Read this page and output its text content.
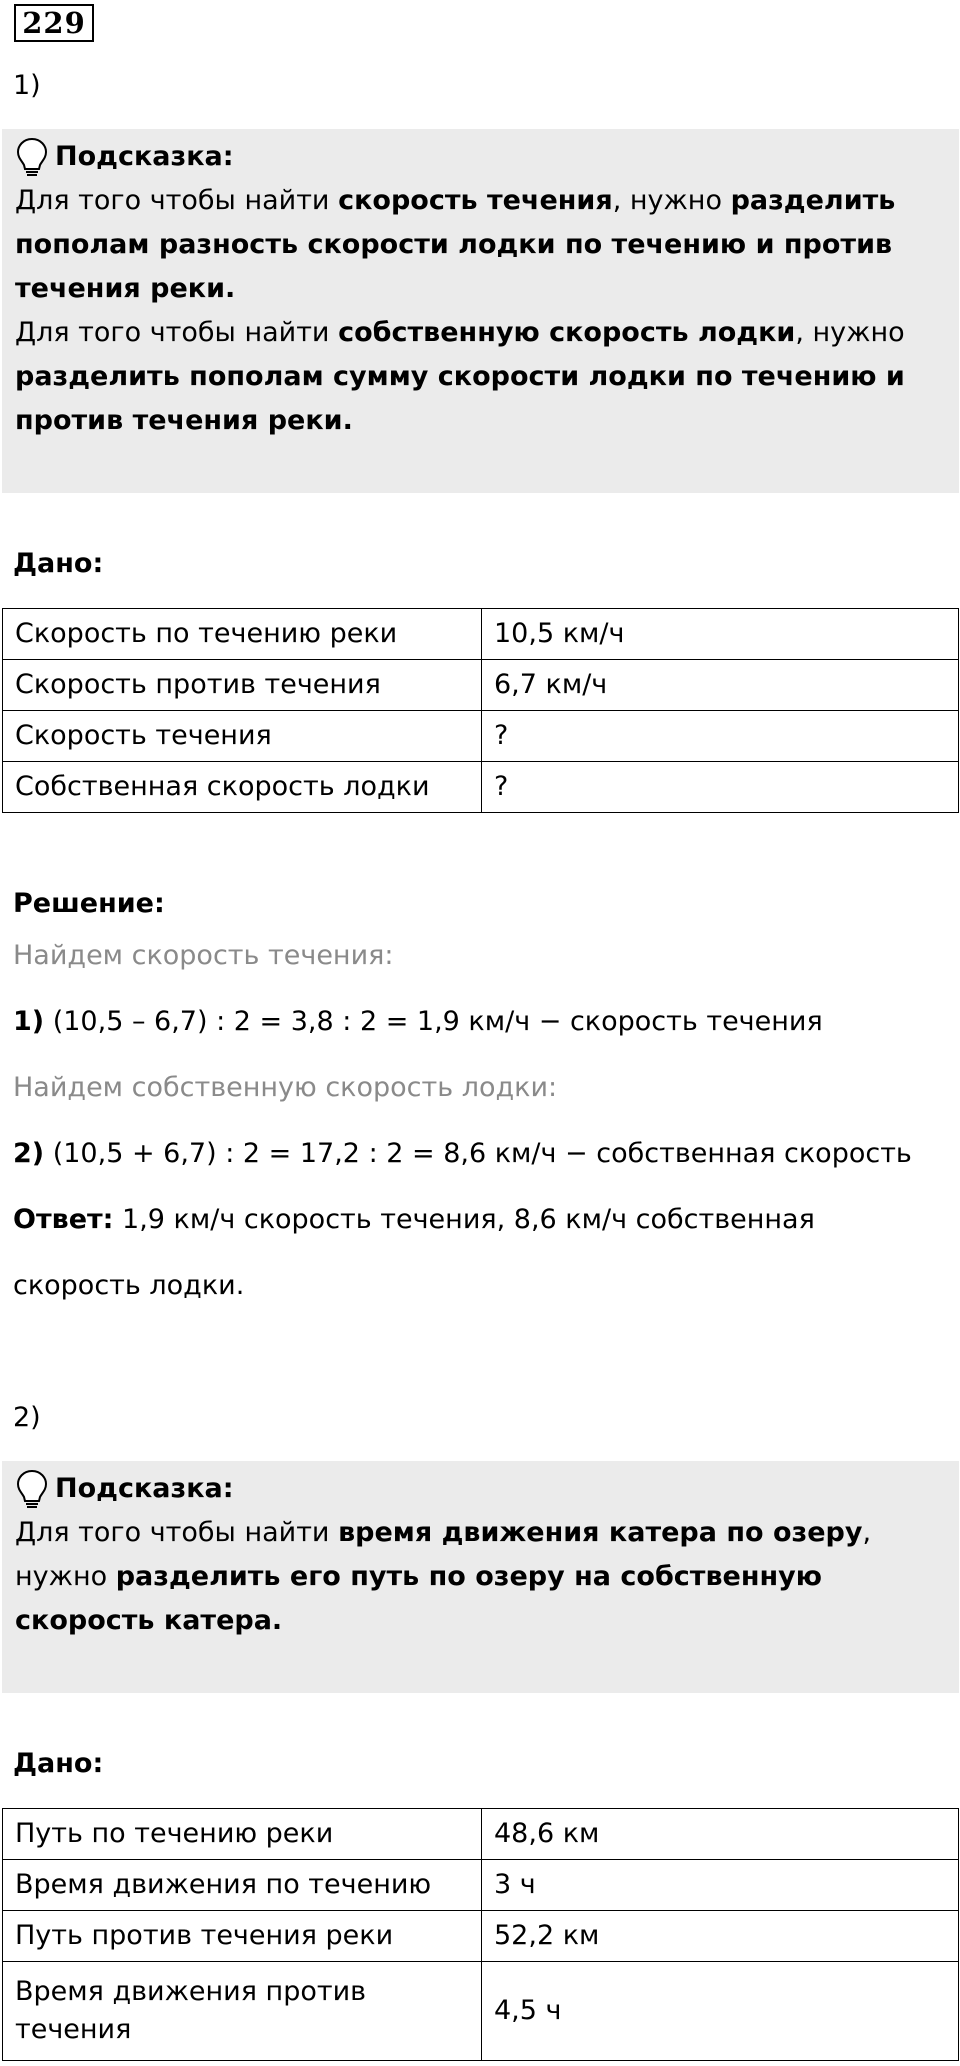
229
1)
Подсказка:

Для того чтобы найти скорость течения, нужно разделить пополам разность скорости лодки по течению и против течения реки.

Для того чтобы найти собственную скорость лодки, нужно разделить пополам сумму скорости лодки по течению и против течения реки.

Дано:
Скорость по течению реки	10,5 км/ч
Скорость против течения	6,7 км/ч
Скорость течения	?
Собственная скорость лодки	?
Решение:
Найдем скорость течения:
1) (10,5 – 6,7) : 2 = 3,8 : 2 = 1,9 км/ч − скорость течения
Найдем собственную скорость лодки:
2) (10,5 + 6,7) : 2 = 17,2 : 2 = 8,6 км/ч − собственная скорость
Ответ: 1,9 км/ч скорость течения, 8,6 км/ч собственная
скорость лодки.
2)
Подсказка:

Для того чтобы найти время движения катера по озеру, нужно разделить его путь по озеру на собственную скорость катера.

Дано:
Путь по течению реки	48,6 км
Время движения по течению	3 ч
Путь против течения реки	52,2 км
Время движения против течения	4,5 ч
